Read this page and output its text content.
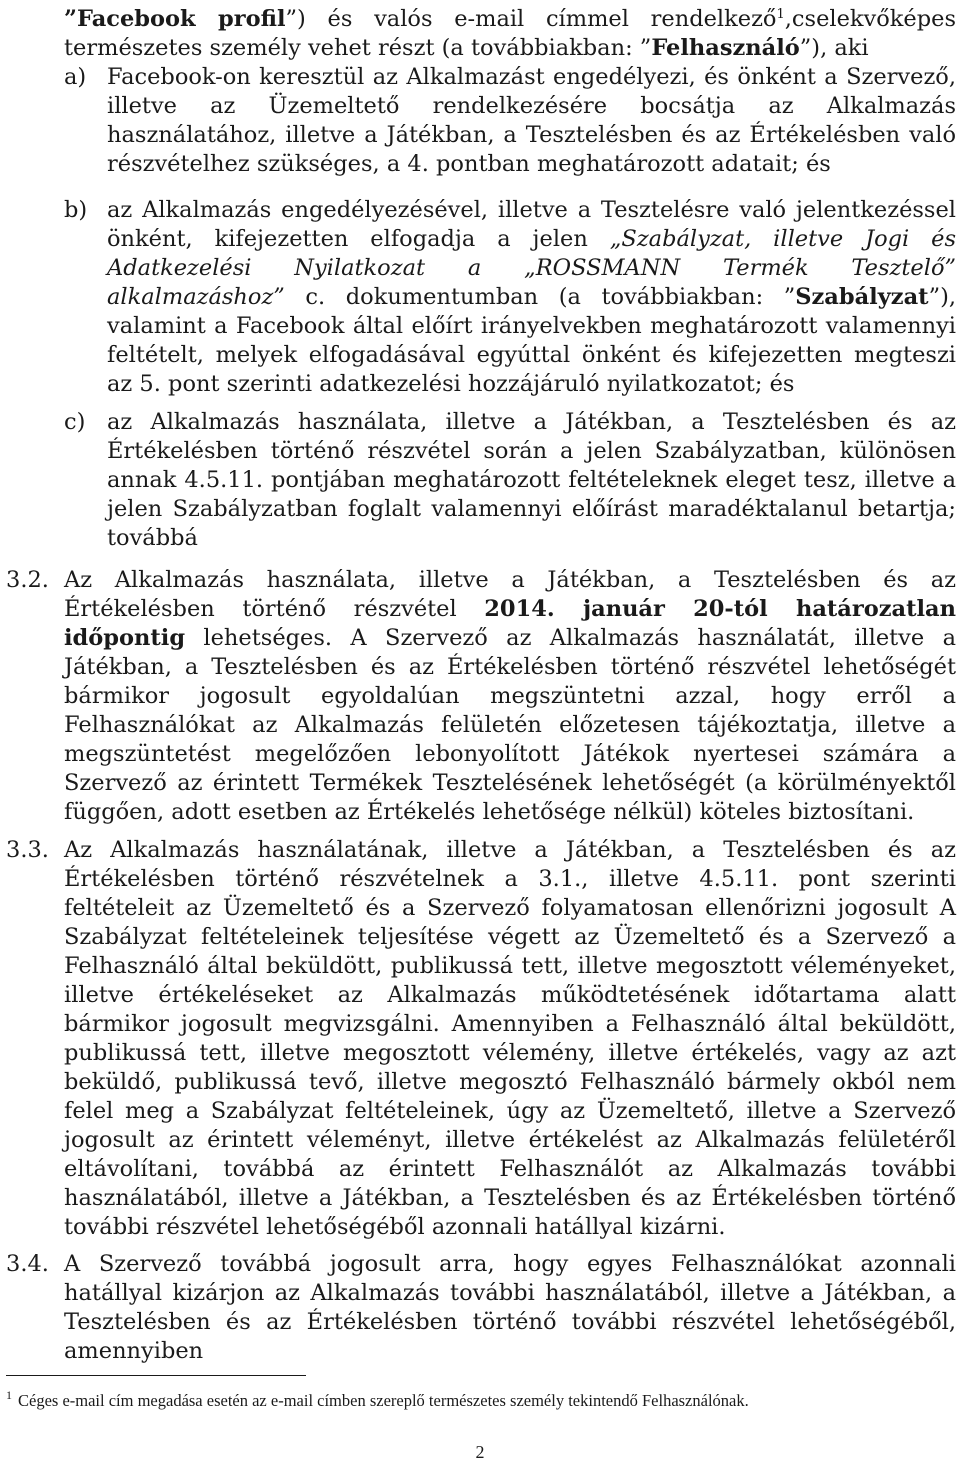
”Facebook profil”) és valós e-mail címmel rendelkező$^1$,cselekvőképes természetes személy vehet részt (a továbbiakban: ”Felhasználó”), aki

a) Facebook-on keresztül az Alkalmazást engedélyezi, és önként a Szervező, illetve az Üzemeltető rendelkezésére bocsátja az Alkalmazás használatához, illetve a Játékban, a Tesztelésben és az Értékelésben való részvételhez szükséges, a 4. pontban meghatározott adatait; és

b) az Alkalmazás engedélyezésével, illetve a Tesztelésre való jelentkezéssel önként, kifejezetten elfogadja a jelen „Szabályzat, illetve Jogi és Adatkezelési Nyilatkozat a „ROSSMANN Termék Tesztelő” alkalmazáshoz” c. dokumentumban (a továbbiakban: ”Szabályzat”), valamint a Facebook által előírt irányelvekben meghatározott valamennyi feltételt, melyek elfogadásával egyúttal önként és kifejezetten megteszi az 5. pont szerinti adatkezelési hozzájáruló nyilatkozatot; és

c) az Alkalmazás használata, illetve a Játékban, a Tesztelésben és az Értékelésben történő részvétel során a jelen Szabályzatban, különösen annak 4.5.11. pontjában meghatározott feltételeknek eleget tesz, illetve a jelen Szabályzatban foglalt valamennyi előírást maradéktalanul betartja; továbbá

3.2. Az Alkalmazás használata, illetve a Játékban, a Tesztelésben és az Értékelésben történő részvétel 2014. január 20-tól határozatlan időpontig lehetséges. A Szervező az Alkalmazás használatát, illetve a Játékban, a Tesztelésben és az Értékelésben történő részvétel lehetőségét bármikor jogosult egyoldalúan megszüntetni azzal, hogy erről a Felhasználókat az Alkalmazás felületén előzetesen tájékoztatja, illetve a megszüntetést megelőzően lebonyolított Játékok nyertesei számára a Szervező az érintett Termékek Tesztelésének lehetőségét (a körülményektől függően, adott esetben az Értékelés lehetősége nélkül) köteles biztosítani.

3.3. Az Alkalmazás használatának, illetve a Játékban, a Tesztelésben és az Értékelésben történő részvételnek a 3.1., illetve 4.5.11. pont szerinti feltételeit az Üzemeltető és a Szervező folyamatosan ellenőrizni jogosult A Szabályzat feltételeinek teljesítése végett az Üzemeltető és a Szervező a Felhasználó által beküldött, publikussá tett, illetve megosztott véleményeket, illetve értékeléseket az Alkalmazás működtetésének időtartama alatt bármikor jogosult megvizsgálni. Amennyiben a Felhasználó által beküldött, publikussá tett, illetve megosztott vélemény, illetve értékelés, vagy az azt beküldő, publikussá tevő, illetve megosztó Felhasználó bármely okból nem felel meg a Szabályzat feltételeinek, úgy az Üzemeltető, illetve a Szervező jogosult az érintett véleményt, illetve értékelést az Alkalmazás felületéről eltávolítani, továbbá az érintett Felhasználót az Alkalmazás további használatából, illetve a Játékban, a Tesztelésben és az Értékelésben történő további részvétel lehetőségéből azonnali hatállyal kizárni.

3.4. A Szervező továbbá jogosult arra, hogy egyes Felhasználókat azonnali hatállyal kizárjon az Alkalmazás további használatából, illetve a Játékban, a Tesztelésben és az Értékelésben történő további részvétel lehetőségéből, amennyiben

$^1$ Céges e-mail cím megadása esetén az e-mail címben szereplő természetes személy tekintendő Felhasználónak.

2
